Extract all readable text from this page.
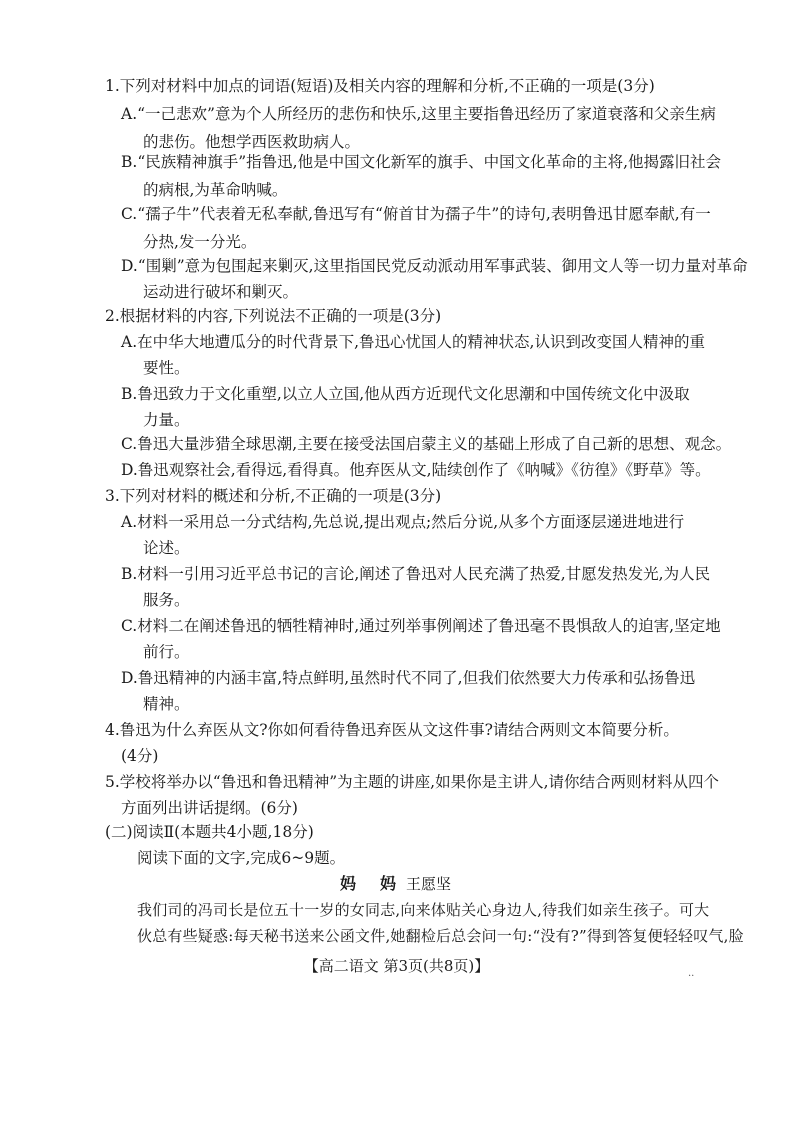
1.下列对材料中加点的词语(短语)及相关内容的理解和分析,不正确的一项是(3分)
A.“一己悲欢”意为个人所经历的悲伤和快乐,这里主要指鲁迅经历了家道衰落和父亲生病
的悲伤。他想学西医救助病人。
B.“民族精神旗手”指鲁迅,他是中国文化新军的旗手、中国文化革命的主将,他揭露旧社会
的病根,为革命呐喊。
C.“孺子牛”代表着无私奉献,鲁迅写有“俯首甘为孺子牛”的诗句,表明鲁迅甘愿奉献,有一
分热,发一分光。
D.“围剿”意为包围起来剿灭,这里指国民党反动派动用军事武装、御用文人等一切力量对革命
运动进行破坏和剿灭。
2.根据材料的内容,下列说法不正确的一项是(3分)
A.在中华大地遭瓜分的时代背景下,鲁迅心忧国人的精神状态,认识到改变国人精神的重
要性。
B.鲁迅致力于文化重塑,以立人立国,他从西方近现代文化思潮和中国传统文化中汲取
力量。
C.鲁迅大量涉猎全球思潮,主要在接受法国启蒙主义的基础上形成了自己新的思想、观念。
D.鲁迅观察社会,看得远,看得真。他弃医从文,陆续创作了《呐喊》《彷徨》《野草》等。
3.下列对材料的概述和分析,不正确的一项是(3分)
A.材料一采用总一分式结构,先总说,提出观点;然后分说,从多个方面逐层递进地进行
论述。
B.材料一引用习近平总书记的言论,阐述了鲁迅对人民充满了热爱,甘愿发热发光,为人民
服务。
C.材料二在阐述鲁迅的牺牲精神时,通过列举事例阐述了鲁迅毫不畏惧敌人的迫害,坚定地
前行。
D.鲁迅精神的内涵丰富,特点鲜明,虽然时代不同了,但我们依然要大力传承和弘扬鲁迅
精神。
4.鲁迅为什么弃医从文?你如何看待鲁迅弃医从文这件事?请结合两则文本简要分析。
(4分)
5.学校将举办以“鲁迅和鲁迅精神”为主题的讲座,如果你是主讲人,请你结合两则材料从四个
方面列出讲话提纲。(6分)
(二)阅读Ⅱ(本题共4小题,18分)
阅读下面的文字,完成6~9题。
妈 妈 王愿坚
我们司的冯司长是位五十一岁的女同志,向来体贴关心身边人,待我们如亲生孩子。可大
伙总有些疑惑:每天秘书送来公函文件,她翻检后总会问一句:“没有?”得到答复便轻轻叹气,脸
【高二语文 第3页(共8页)】	..
